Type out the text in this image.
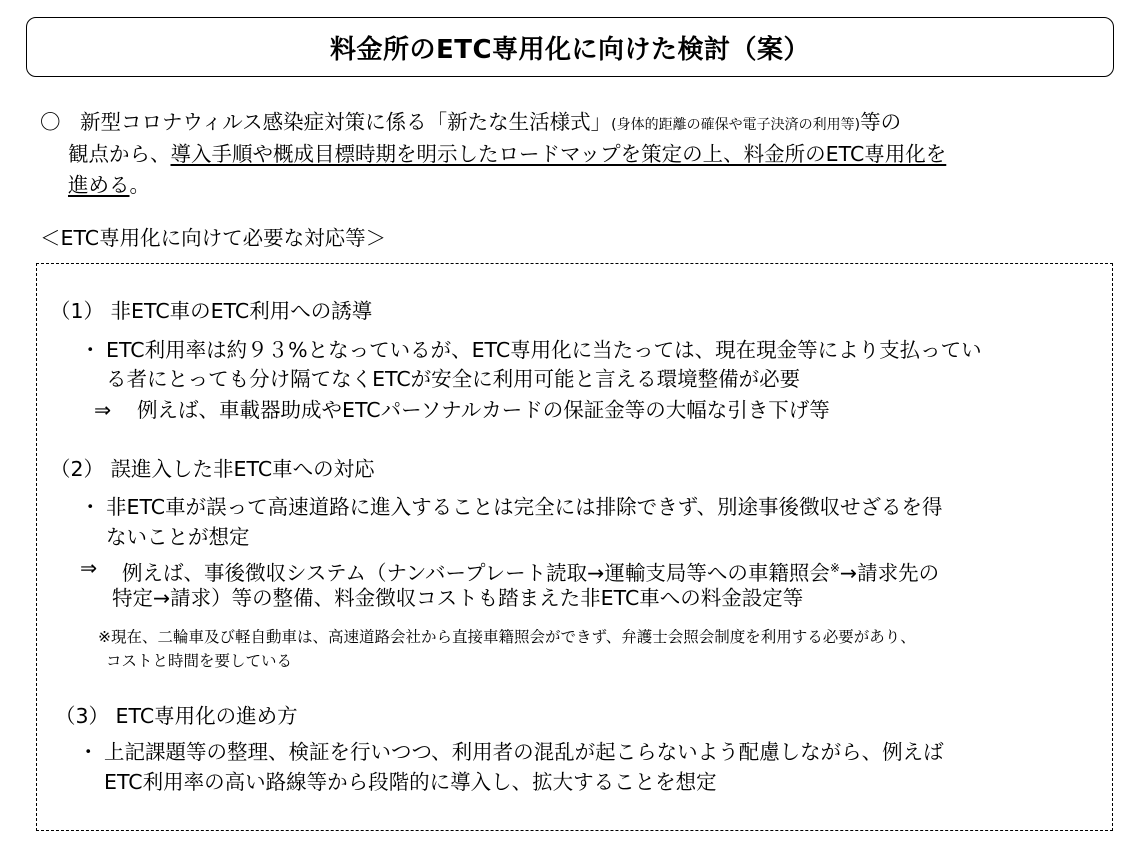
料金所のETC専用化に向けた検討（案）
〇 新型コロナウィルス感染症対策に係る「新たな生活様式」(身体的距離の確保や電子決済の利用等)等の
観点から、導入手順や概成目標時期を明示したロードマップを策定の上、料金所のETC専用化を
進める。
＜ETC専用化に向けて必要な対応等＞
（1） 非ETC車のETC利用への誘導
・ ETC利用率は約９３%となっているが、ETC専用化に当たっては、現在現金等により支払ってい
る者にとっても分け隔てなくETCが安全に利用可能と言える環境整備が必要
⇒ 例えば、車載器助成やETCパーソナルカードの保証金等の大幅な引き下げ等
（2） 誤進入した非ETC車への対応
・ 非ETC車が誤って高速道路に進入することは完全には排除できず、別途事後徴収せざるを得
ないことが想定
⇒ 例えば、事後徴収システム（ナンバープレート読取→運輸支局等への車籍照会※→請求先の
特定→請求）等の整備、料金徴収コストも踏まえた非ETC車への料金設定等
※現在、二輪車及び軽自動車は、高速道路会社から直接車籍照会ができず、弁護士会照会制度を利用する必要があり、
コストと時間を要している
（3） ETC専用化の進め方
・ 上記課題等の整理、検証を行いつつ、利用者の混乱が起こらないよう配慮しながら、例えば
ETC利用率の高い路線等から段階的に導入し、拡大することを想定
